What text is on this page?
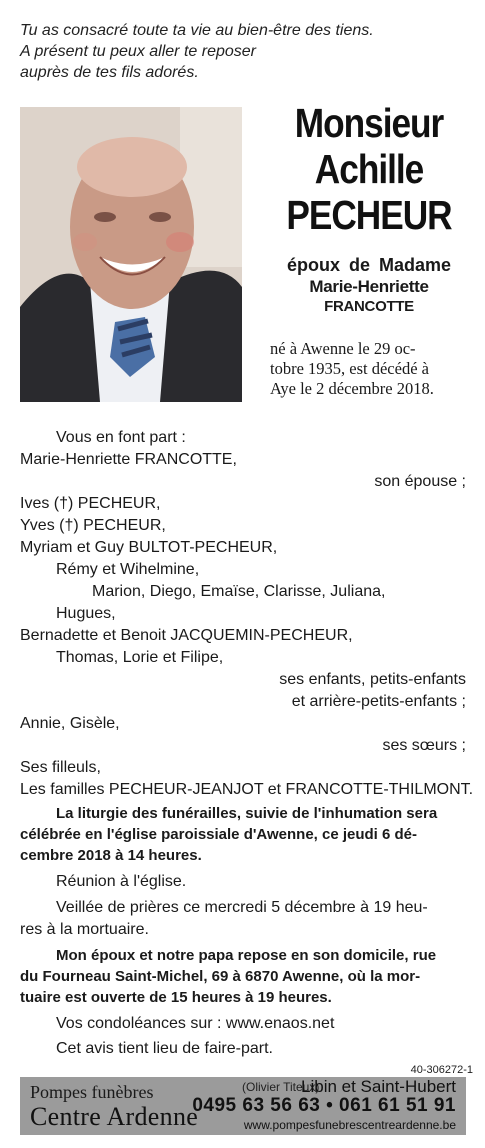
Tu as consacré toute ta vie au bien-être des tiens.
A présent tu peux aller te reposer
auprès de tes fils adorés.
Monsieur
Achille
PECHEUR
époux de Madame
Marie-Henriette
FRANCOTTE
né à Awenne le 29 oc-
tobre 1935, est décédé à
Aye le 2 décembre 2018.
Vous en font part :
Marie-Henriette FRANCOTTE,
son épouse ;
Ives (†) PECHEUR,
Yves (†) PECHEUR,
Myriam et Guy BULTOT-PECHEUR,
Rémy et Wihelmine,
Marion, Diego, Emaïse, Clarisse, Juliana,
Hugues,
Bernadette et Benoit JACQUEMIN-PECHEUR,
Thomas, Lorie et Filipe,
ses enfants, petits-enfants
et arrière-petits-enfants ;
Annie, Gisèle,
ses sœurs ;
Ses filleuls,
Les familles PECHEUR-JEANJOT et FRANCOTTE-THILMONT.
La liturgie des funérailles, suivie de l'inhumation sera
célébrée en l'église paroissiale d'Awenne, ce jeudi 6 dé-
cembre 2018 à 14 heures.
Réunion à l'église.
Veillée de prières ce mercredi 5 décembre à 19 heu-
res à la mortuaire.
Mon époux et notre papa repose en son domicile, rue
du Fourneau Saint-Michel, 69 à 6870 Awenne, où la mor-
tuaire est ouverte de 15 heures à 19 heures.
Vos condoléances sur : www.enaos.net
Cet avis tient lieu de faire-part.
40-306272-1
Pompes funèbres
Centre Ardenne
(Olivier Titeux)
Libin et Saint-Hubert
0495 63 56 63 • 061 61 51 91
www.pompesfunebrescentreardenne.be
